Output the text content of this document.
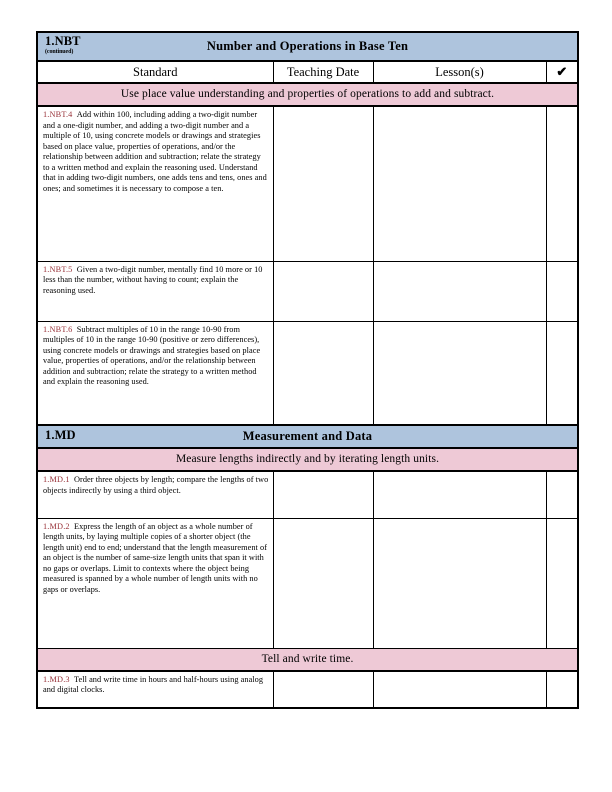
1.NBT
(continued) Number and Operations in Base Ten			

Standard	Teaching Date	Lesson(s)	✔
Use place value understanding and properties of operations to add and subtract.			

1.NBT.4 Add within 100, including adding a two-digit number and a one-digit number, and adding a two-digit number and a multiple of 10, using concrete models or drawings and strategies based on place value, properties of operations, and/or the relationship between addition and subtraction; relate the strategy to a written method and explain the reasoning used. Understand that in adding two-digit numbers, one adds tens and tens, ones and ones; and sometimes it is necessary to compose a ten.			

1.NBT.5 Given a two-digit number, mentally find 10 more or 10 less than the number, without having to count; explain the reasoning used.			

1.NBT.6 Subtract multiples of 10 in the range 10-90 from multiples of 10 in the range 10-90 (positive or zero differences), using concrete models or drawings and strategies based on place value, properties of operations, and/or the relationship between addition and subtraction; relate the strategy to a written method and explain the reasoning used.			

1.MD Measurement and Data			

Measure lengths indirectly and by iterating length units.			

1.MD.1 Order three objects by length; compare the lengths of two objects indirectly by using a third object.			

1.MD.2 Express the length of an object as a whole number of length units, by laying multiple copies of a shorter object (the length unit) end to end; understand that the length measurement of an object is the number of same-size length units that span it with no gaps or overlaps. Limit to contexts where the object being measured is spanned by a whole number of length units with no gaps or overlaps.			

Tell and write time.			

1.MD.3 Tell and write time in hours and half-hours using analog and digital clocks.			
